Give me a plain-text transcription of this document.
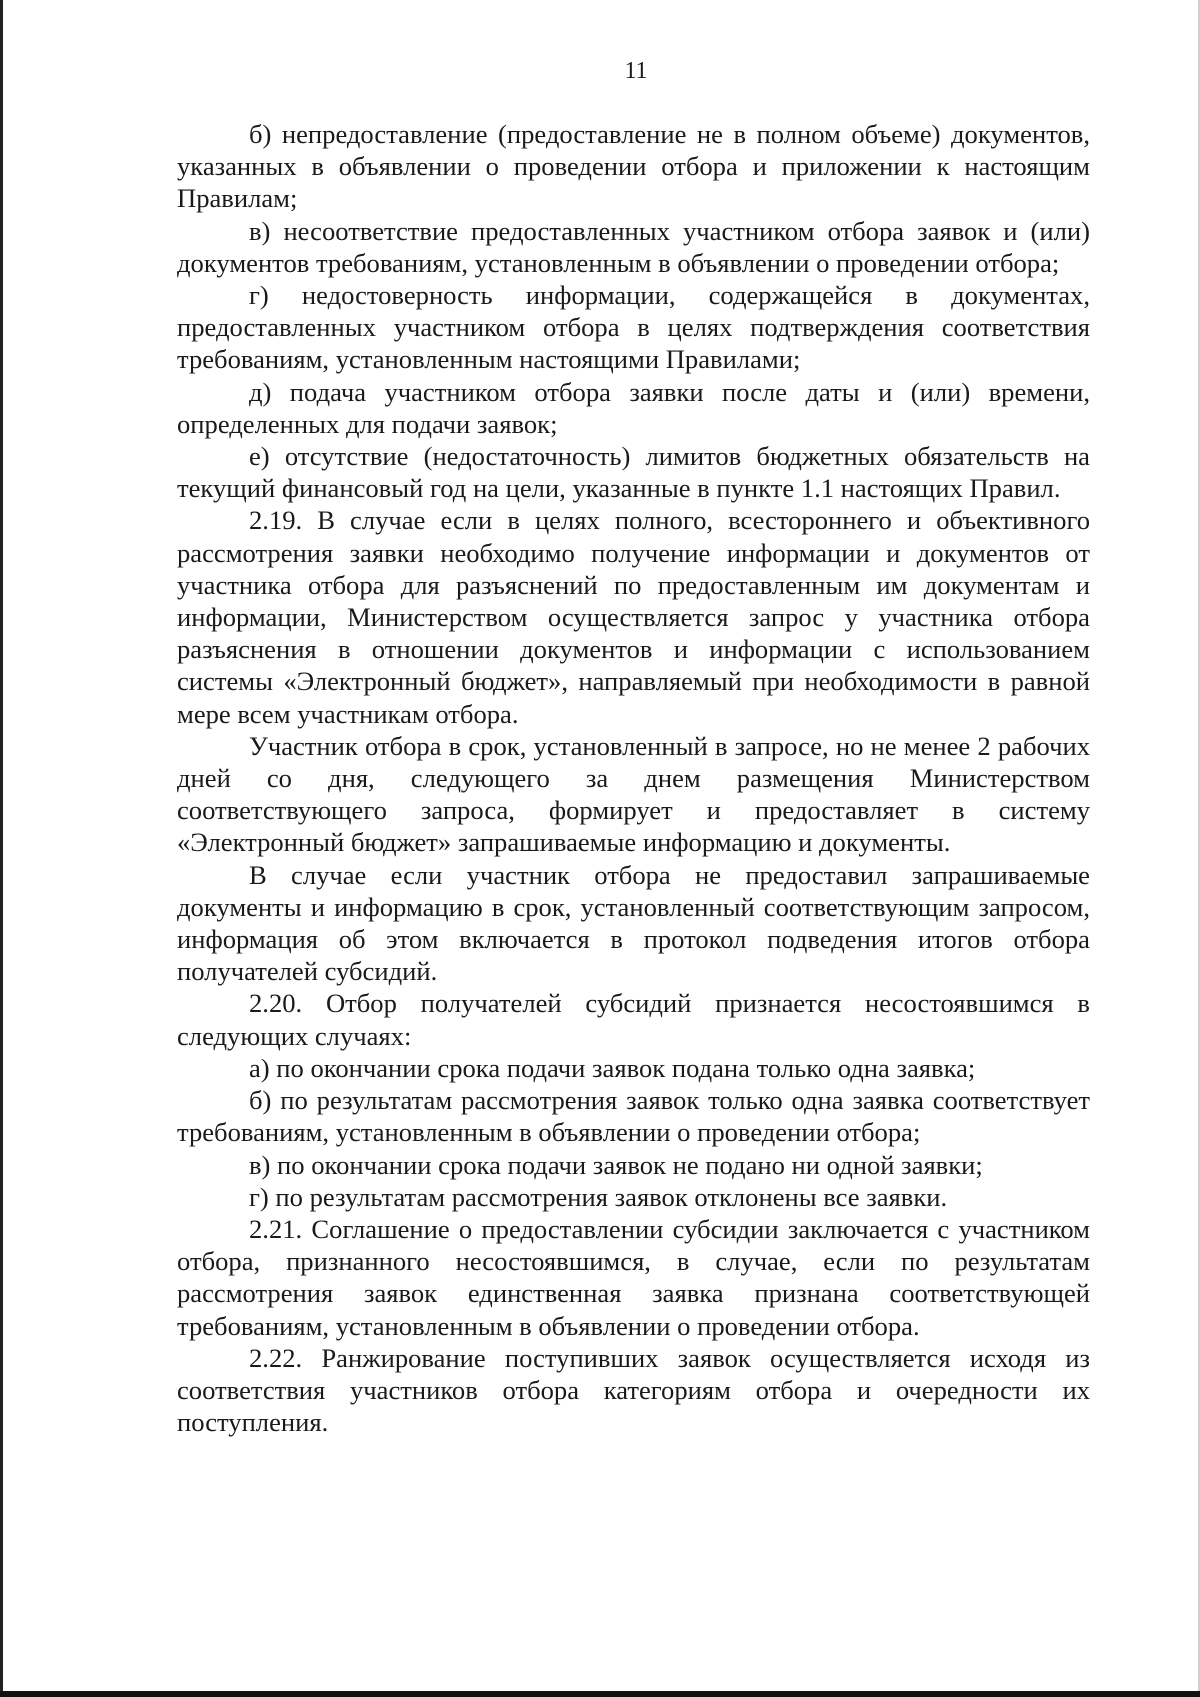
11

б) непредоставление (предоставление не в полном объеме) документов, указанных в объявлении о проведении отбора и приложении к настоящим Правилам;

в) несоответствие предоставленных участником отбора заявок и (или) документов требованиям, установленным в объявлении о проведении отбора;

г) недостоверность информации, содержащейся в документах, предоставленных участником отбора в целях подтверждения соответствия требованиям, установленным настоящими Правилами;

д) подача участником отбора заявки после даты и (или) времени, определенных для подачи заявок;

е) отсутствие (недостаточность) лимитов бюджетных обязательств на текущий финансовый год на цели, указанные в пункте 1.1 настоящих Правил.

2.19. В случае если в целях полного, всестороннего и объективного рассмотрения заявки необходимо получение информации и документов от участника отбора для разъяснений по предоставленным им документам и информации, Министерством осуществляется запрос у участника отбора разъяснения в отношении документов и информации с использованием системы «Электронный бюджет», направляемый при необходимости в равной мере всем участникам отбора.

Участник отбора в срок, установленный в запросе, но не менее 2 рабочих дней со дня, следующего за днем размещения Министерством соответствующего запроса, формирует и предоставляет в систему «Электронный бюджет» запрашиваемые информацию и документы.

В случае если участник отбора не предоставил запрашиваемые документы и информацию в срок, установленный соответствующим запросом, информация об этом включается в протокол подведения итогов отбора получателей субсидий.

2.20. Отбор получателей субсидий признается несостоявшимся в следующих случаях:

а) по окончании срока подачи заявок подана только одна заявка;

б) по результатам рассмотрения заявок только одна заявка соответствует требованиям, установленным в объявлении о проведении отбора;

в) по окончании срока подачи заявок не подано ни одной заявки;

г) по результатам рассмотрения заявок отклонены все заявки.

2.21. Соглашение о предоставлении субсидии заключается с участником отбора, признанного несостоявшимся, в случае, если по результатам рассмотрения заявок единственная заявка признана соответствующей требованиям, установленным в объявлении о проведении отбора.

2.22. Ранжирование поступивших заявок осуществляется исходя из соответствия участников отбора категориям отбора и очередности их поступления.
